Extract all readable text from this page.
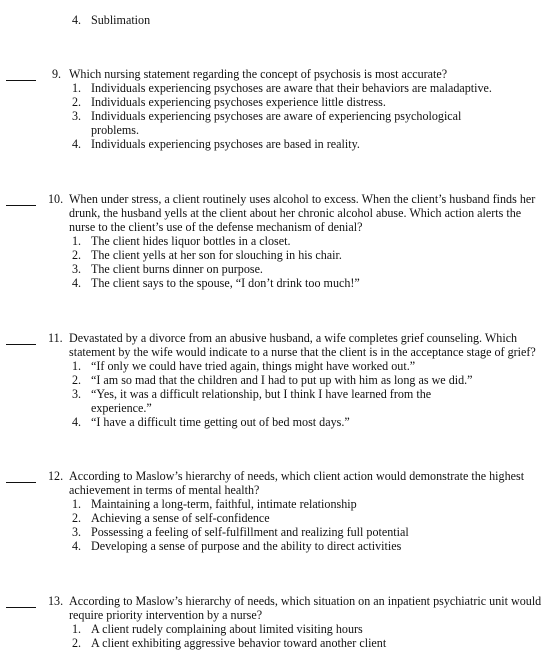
4. Sublimation
9. Which nursing statement regarding the concept of psychosis is most accurate?
1. Individuals experiencing psychoses are aware that their behaviors are maladaptive.
2. Individuals experiencing psychoses experience little distress.
3. Individuals experiencing psychoses are aware of experiencing psychological
problems.
4. Individuals experiencing psychoses are based in reality.
10. When under stress, a client routinely uses alcohol to excess. When the client’s husband finds her
drunk, the husband yells at the client about her chronic alcohol abuse. Which action alerts the
nurse to the client’s use of the defense mechanism of denial?
1. The client hides liquor bottles in a closet.
2. The client yells at her son for slouching in his chair.
3. The client burns dinner on purpose.
4. The client says to the spouse, “I don’t drink too much!”
11. Devastated by a divorce from an abusive husband, a wife completes grief counseling. Which
statement by the wife would indicate to a nurse that the client is in the acceptance stage of grief?
1. “If only we could have tried again, things might have worked out.”
2. “I am so mad that the children and I had to put up with him as long as we did.”
3. “Yes, it was a difficult relationship, but I think I have learned from the
experience.”
4. “I have a difficult time getting out of bed most days.”
12. According to Maslow’s hierarchy of needs, which client action would demonstrate the highest
achievement in terms of mental health?
1. Maintaining a long-term, faithful, intimate relationship
2. Achieving a sense of self-confidence
3. Possessing a feeling of self-fulfillment and realizing full potential
4. Developing a sense of purpose and the ability to direct activities
13. According to Maslow’s hierarchy of needs, which situation on an inpatient psychiatric unit would
require priority intervention by a nurse?
1. A client rudely complaining about limited visiting hours
2. A client exhibiting aggressive behavior toward another client
